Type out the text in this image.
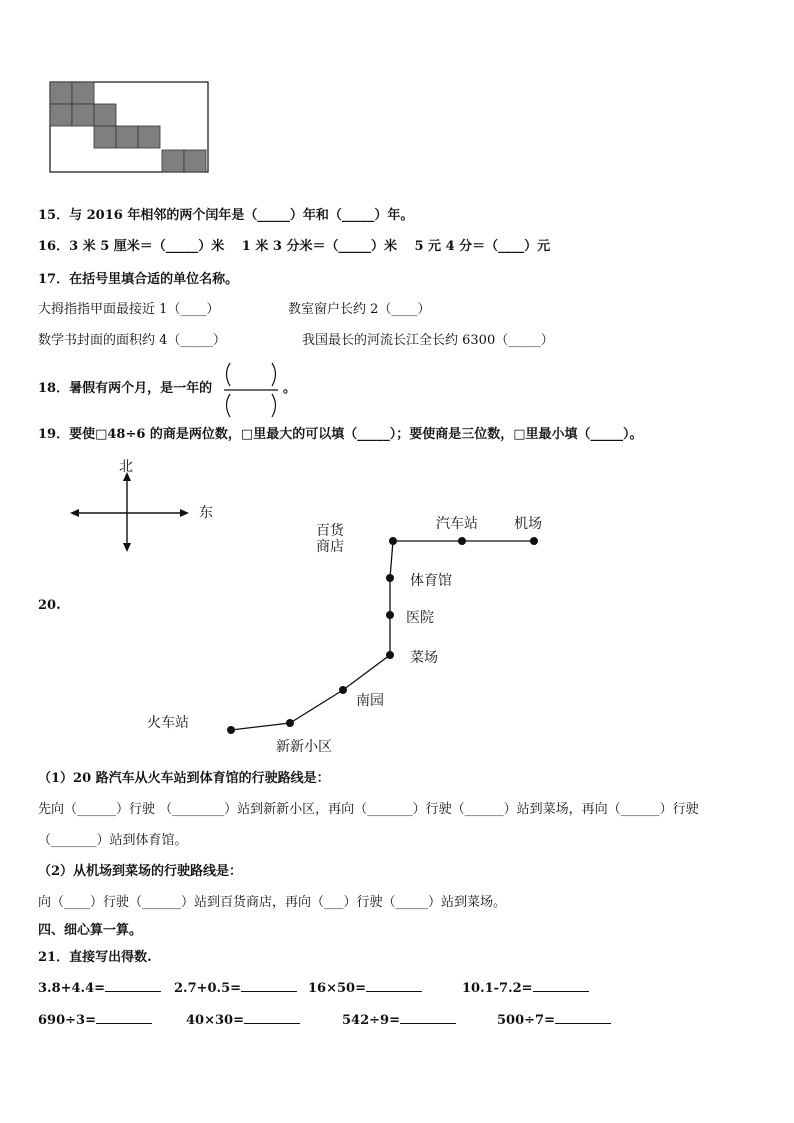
15．与 2016 年相邻的两个闰年是（_____）年和（_____）年。
16．3 米 5 厘米＝（_____）米　 1 米 3 分米＝（_____）米　 5 元 4 分＝（____）元
17．在括号里填合适的单位名称。
大拇指指甲面最接近 1（____）	教室窗户长约 2（____）
数学书封面的面积约 4（_____）	我国最长的河流长江全长约 6300（_____）
18．暑假有两个月，是一年的	。
19．要使□48÷6 的商是两位数，□里最大的可以填（_____）；要使商是三位数，□里最小填（_____）。
20.
北
东
百货
商店
汽车站	机场
体育馆
医院
菜场
南园
火车站
新新小区
（1）20 路汽车从火车站到体育馆的行驶路线是：
先向（______）行驶 （________）站到新新小区，再向（_______）行驶（______）站到菜场，再向（______）行驶
（_______）站到体育馆。
（2）从机场到菜场的行驶路线是：
向（____）行驶（______）站到百货商店，再向（___）行驶（_____）站到菜场。
四、细心算一算。
21．直接写出得数.
3.8+4.4=	2.7+0.5=	16×50=	10.1-7.2=
690÷3=	40×30=	542÷9=	500÷7=
